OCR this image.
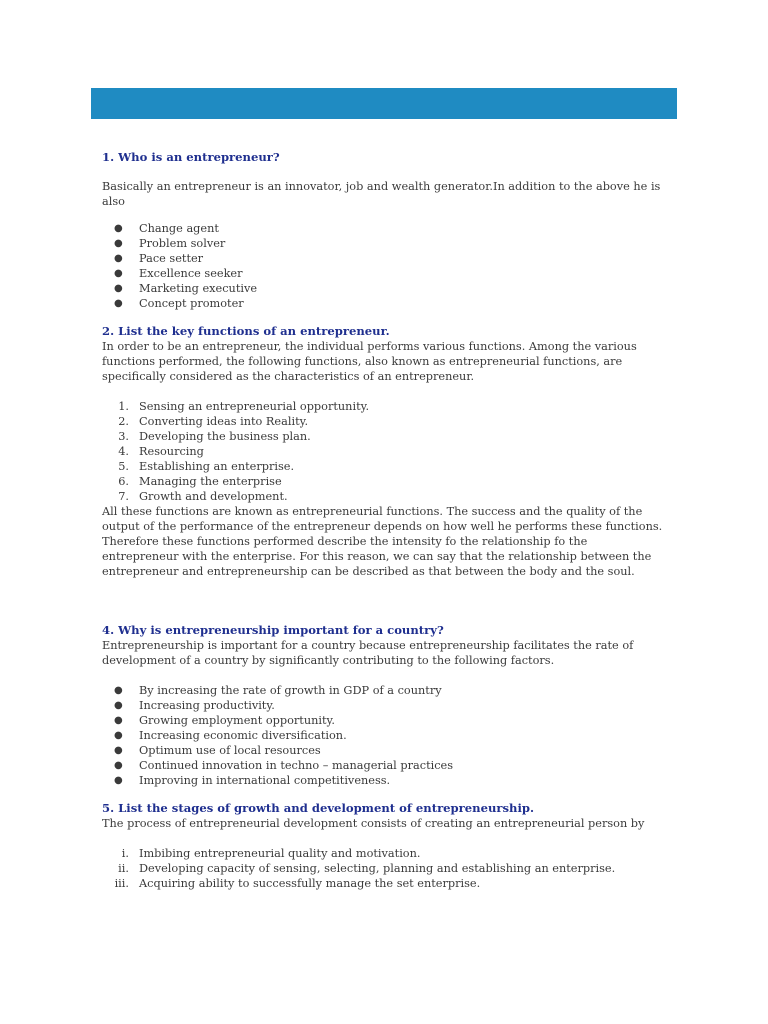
1. Who is an entrepreneur?

Basically an entrepreneur is an innovator, job and wealth generator.In addition to the above he is also

● Change agent
● Problem solver
● Pace setter
● Excellence seeker
● Marketing executive
● Concept promoter
2. List the key functions of an entrepreneur.

In order to be an entrepreneur, the individual performs various functions. Among the various

functions performed, the following functions, also known as entrepreneurial functions, are

specifically considered as the characteristics of an entrepreneur.

1. Sensing an entrepreneurial opportunity.
2. Converting ideas into Reality.
3. Developing the business plan.
4. Resourcing
5. Establishing an enterprise.
6. Managing the enterprise
7. Growth and development.

All these functions are known as entrepreneurial functions. The success and the quality of the

output of the performance of the entrepreneur depends on how well he performs these functions.

Therefore these functions performed describe the intensity fo the relationship fo the

entrepreneur with the enterprise. For this reason, we can say that the relationship between the

entrepreneur and entrepreneurship can be described as that between the body and the soul.

4. Why is entrepreneurship important for a country?

Entrepreneurship is important for a country because entrepreneurship facilitates the rate of

development of a country by significantly contributing to the following factors.

● By increasing the rate of growth in GDP of a country
● Increasing productivity.
● Growing employment opportunity.
● Increasing economic diversification.
● Optimum use of local resources
● Continued innovation in techno – managerial practices
● Improving in international competitiveness.
5. List the stages of growth and development of entrepreneurship.

The process of entrepreneurial development consists of creating an entrepreneurial person by

i. Imbibing entrepreneurial quality and motivation.
ii. Developing capacity of sensing, selecting, planning and establishing an enterprise.
iii. Acquiring ability to successfully manage the set enterprise.
